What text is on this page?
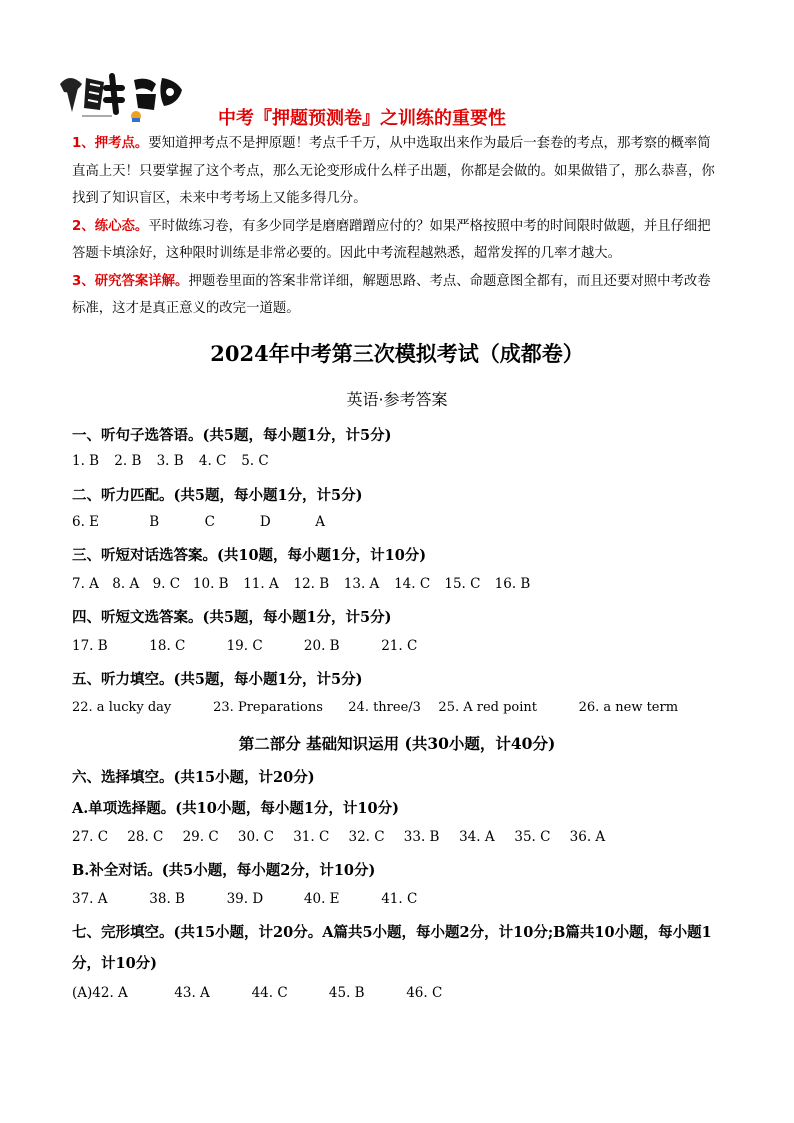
中考『押题预测卷』之训练的重要性

1、押考点。要知道押考点不是押原题！考点千千万，从中选取出来作为最后一套卷的考点，那考察的概率简直高上天！只要掌握了这个考点，那么无论变形成什么样子出题，你都是会做的。如果做错了，那么恭喜，你找到了知识盲区，未来中考考场上又能多得几分。

2、练心态。平时做练习卷，有多少同学是磨磨蹭蹭应付的？如果严格按照中考的时间限时做题，并且仔细把答题卡填涂好，这种限时训练是非常必要的。因此中考流程越熟悉，超常发挥的几率才越大。

3、研究答案详解。押题卷里面的答案非常详细，解题思路、考点、命题意图全都有，而且还要对照中考改卷标准，这才是真正意义的改完一道题。

2024年中考第三次模拟考试（成都卷）
英语·参考答案
一、听句子选答语。(共5题，每小题1分，计5分)
1. B 2. B 3. B 4. C 5. C
二、听力匹配。(共5题，每小题1分，计5分)
6. E	B	C	D	A
三、听短对话选答案。(共10题，每小题1分，计10分)
7. A 8. A 9. C 10. B 11. A 12. B 13. A 14. C 15. C 16. B
四、听短文选答案。(共5题，每小题1分，计5分)
17. B	18. C	19. C	20. B	21. C
五、听力填空。(共5题，每小题1分，计5分)
22. a lucky day	23. Preparations 24. three/3 25. A red point	26. a new term
第二部分 基础知识运用 (共30小题，计40分)
六、选择填空。(共15小题，计20分)
A.单项选择题。(共10小题，每小题1分，计10分)
27. C 28. C 29. C 30. C 31. C 32. C 33. B 34. A 35. C 36. A
B.补全对话。(共5小题，每小题2分，计10分)
37. A	38. B	39. D	40. E	41. C
七、完形填空。(共15小题，计20分。A篇共5小题，每小题2分，计10分;B篇共10小题，每小题1分，计10分)
(A)42. A	43. A	44. C	45. B	46. C
